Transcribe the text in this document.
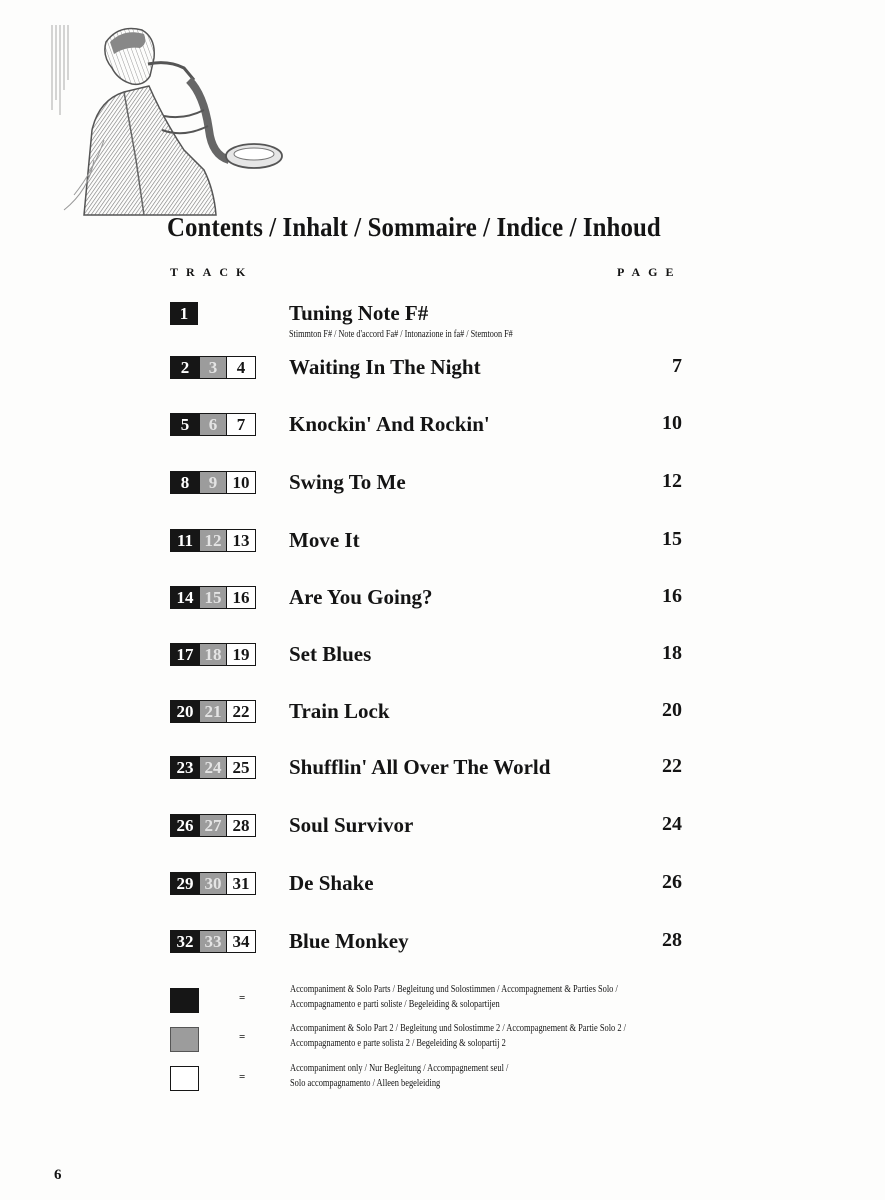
Contents / Inhalt / Sommaire / Indice / Inhoud
TRACK	PAGE
1	Tuning Note F#
Stimmton F# / Note d'accord Fa# / Intonazione in fa# / Stemtoon F#
2	3	4	Waiting In The Night	7
5	6	7	Knockin' And Rockin'	10
8	9 10	Swing To Me	12
11 12 13	Move It	15
14 15 16	Are You Going?	16
17 18 19	Set Blues	18
20 21 22	Train Lock	20
23 24 25	Shufflin' All Over The World	22
26 27 28	Soul Survivor	24
29 30 31	De Shake	26
32 33 34	Blue Monkey	28
=
Accompaniment & Solo Parts / Begleitung und Solostimmen / Accompagnement & Parties Solo /
Accompagnamento e parti soliste / Begeleiding & solopartijen
=
Accompaniment & Solo Part 2 / Begleitung und Solostimme 2 / Accompagnement & Partie Solo 2 /
Accompagnamento e parte solista 2 / Begeleiding & solopartij 2
=
Accompaniment only / Nur Begleitung / Accompagnement seul /
Solo accompagnamento / Alleen begeleiding
6
